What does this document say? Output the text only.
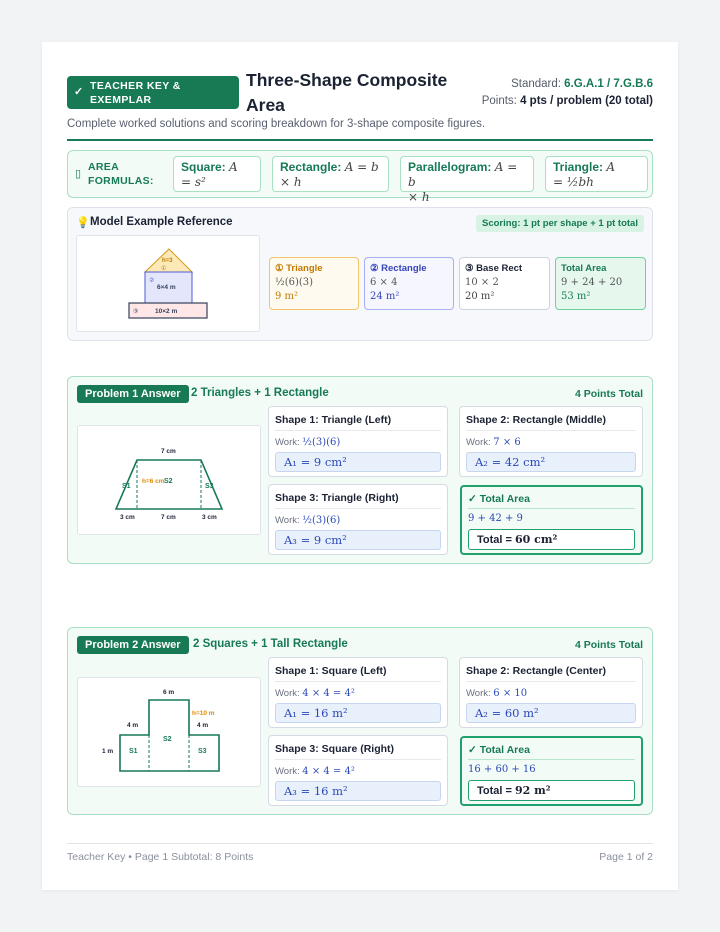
✓ TEACHER KEY & EXEMPLAR
Three-Shape Composite Area
Standard: 6.G.A.1 / 7.G.B.6
Points: 4 pts / problem (20 total)
Complete worked solutions and scoring breakdown for 3-shape composite figures.
▯
AREA FORMULAS:
Square: A
= s²
Rectangle: A = b
× h
Parallelogram: A = b
× h
Triangle: A
= ½bh
💡 Model Example Reference	Scoring: 1 pt per shape + 1 pt total
h=3
①
②
6×4 m
③	10×2 m
① Triangle
½(6)(3)
9 m²
② Rectangle
6 × 4
24 m²
③ Base Rect
10 × 2
20 m²
Total Area
9 + 24 + 20
53 m²
Problem 1 Answer 2 Triangles + 1 Rectangle	4 Points Total
7 cm
h=6 cm S2
S1	S3
3 cm	7 cm	3 cm
Shape 1: Triangle (Left)
Work: ½(3)(6)
A₁ = 9 cm²
Shape 2: Rectangle (Middle)
Work: 7 × 6
A₂ = 42 cm²
Shape 3: Triangle (Right)
Work: ½(3)(6)
A₃ = 9 cm²
✓ Total Area
9 + 42 + 9
Total = 60 cm²
Problem 2 Answer	2 Squares + 1 Tall Rectangle	4 Points Total
6 m
h=10 m
4 m	4 m
S2
1 m S1	S3
Shape 1: Square (Left)
Work: 4 × 4 = 4²
A₁ = 16 m²
Shape 2: Rectangle (Center)
Work: 6 × 10
A₂ = 60 m²
Shape 3: Square (Right)
Work: 4 × 4 = 4²
A₃ = 16 m²
✓ Total Area
16 + 60 + 16
Total = 92 m²
Teacher Key • Page 1 Subtotal: 8 Points	Page 1 of 2
